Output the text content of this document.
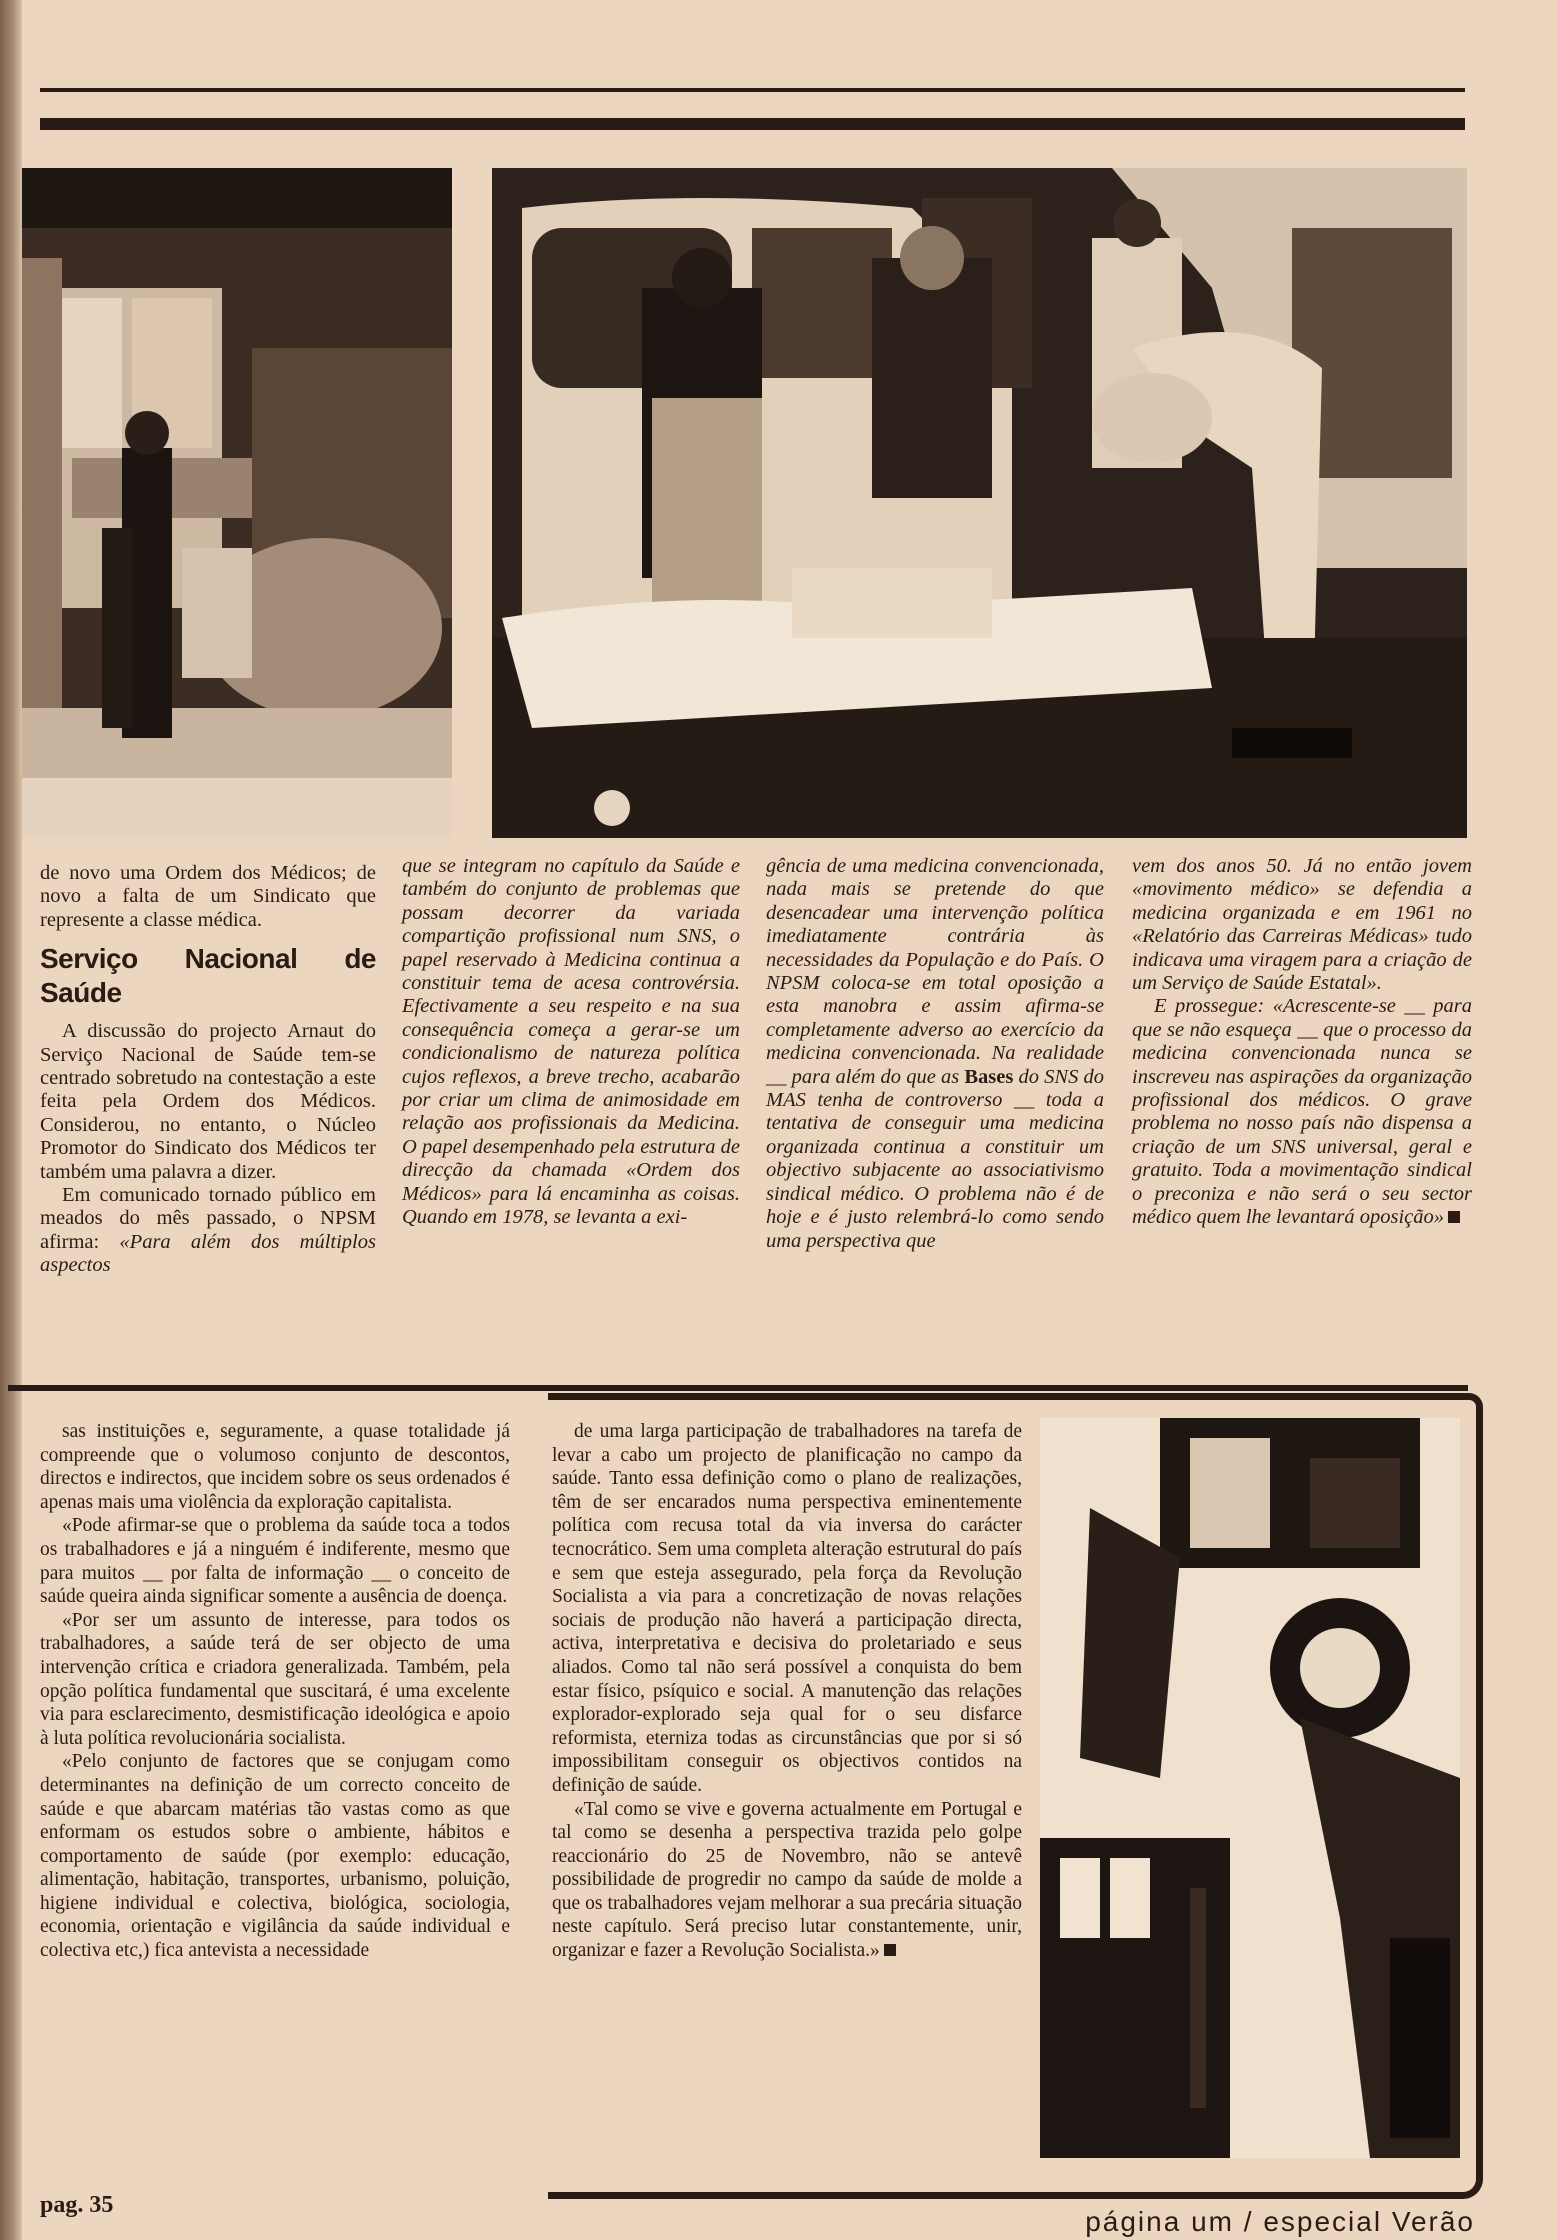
de novo uma Ordem dos Médicos; de novo a falta de um Sindicato que represente a classe médica.

Serviço Nacional de Saúde

A discussão do projecto Arnaut do Serviço Nacional de Saúde tem-se centrado sobretudo na contestação a este feita pela Ordem dos Médicos. Considerou, no entanto, o Núcleo Promotor do Sindicato dos Médicos ter também uma palavra a dizer.

Em comunicado tornado público em meados do mês passado, o NPSM afirma: «Para além dos múltiplos aspectos

que se integram no capítulo da Saúde e também do conjunto de problemas que possam decorrer da variada compartição profissional num SNS, o papel reservado à Medicina continua a constituir tema de acesa controvérsia. Efectivamente a seu respeito e na sua consequência começa a gerar-se um condicionalismo de natureza política cujos reflexos, a breve trecho, acabarão por criar um clima de animosidade em relação aos profissionais da Medicina. O papel desempenhado pela estrutura de direcção da chamada «Ordem dos Médicos» para lá encaminha as coisas. Quando em 1978, se levanta a exi-

gência de uma medicina convencionada, nada mais se pretende do que desencadear uma intervenção política imediatamente contrária às necessidades da População e do País. O NPSM coloca-se em total oposição a esta manobra e assim afirma-se completamente adverso ao exercício da medicina convencionada. Na realidade __ para além do que as Bases do SNS do MAS tenha de controverso __ toda a tentativa de conseguir uma medicina organizada continua a constituir um objectivo subjacente ao associativismo sindical médico. O problema não é de hoje e é justo relembrá-lo como sendo uma perspectiva que

vem dos anos 50. Já no então jovem «movimento médico» se defendia a medicina organizada e em 1961 no «Relatório das Carreiras Médicas» tudo indicava uma viragem para a criação de um Serviço de Saúde Estatal».

E prossegue: «Acrescente-se __ para que se não esqueça __ que o processo da medicina convencionada nunca se inscreveu nas aspirações da organização profissional dos médicos. O grave problema no nosso país não dispensa a criação de um SNS universal, geral e gratuito. Toda a movimentação sindical o preconiza e não será o seu sector médico quem lhe levantará oposição»

sas instituições e, seguramente, a quase totalidade já compreende que o volumoso conjunto de descontos, directos e indirectos, que incidem sobre os seus ordenados é apenas mais uma violência da exploração capitalista.

«Pode afirmar-se que o problema da saúde toca a todos os trabalhadores e já a ninguém é indiferente, mesmo que para muitos __ por falta de informação __ o conceito de saúde queira ainda significar somente a ausência de doença.

«Por ser um assunto de interesse, para todos os trabalhadores, a saúde terá de ser objecto de uma intervenção crítica e criadora generalizada. Também, pela opção política fundamental que suscitará, é uma excelente via para esclarecimento, desmistificação ideológica e apoio à luta política revolucionária socialista.

«Pelo conjunto de factores que se conjugam como determinantes na definição de um correcto conceito de saúde e que abarcam matérias tão vastas como as que enformam os estudos sobre o ambiente, hábitos e comportamento de saúde (por exemplo: educação, alimentação, habitação, transportes, urbanismo, poluição, higiene individual e colectiva, biológica, sociologia, economia, orientação e vigilância da saúde individual e colectiva etc,) fica antevista a necessidade

de uma larga participação de trabalhadores na tarefa de levar a cabo um projecto de planificação no campo da saúde. Tanto essa definição como o plano de realizações, têm de ser encarados numa perspectiva eminentemente política com recusa total da via inversa do carácter tecnocrático. Sem uma completa alteração estrutural do país e sem que esteja assegurado, pela força da Revolução Socialista a via para a concretização de novas relações sociais de produção não haverá a participação directa, activa, interpretativa e decisiva do proletariado e seus aliados. Como tal não será possível a conquista do bem estar físico, psíquico e social. A manutenção das relações explorador-explorado seja qual for o seu disfarce reformista, eterniza todas as circunstâncias que por si só impossibilitam conseguir os objectivos contidos na definição de saúde.

«Tal como se vive e governa actualmente em Portugal e tal como se desenha a perspectiva trazida pelo golpe reaccionário do 25 de Novembro, não se antevê possibilidade de progredir no campo da saúde de molde a que os trabalhadores vejam melhorar a sua precária situação neste capítulo. Será preciso lutar constantemente, unir, organizar e fazer a Revolução Socialista.»

pag. 35
página um / especial Verão
